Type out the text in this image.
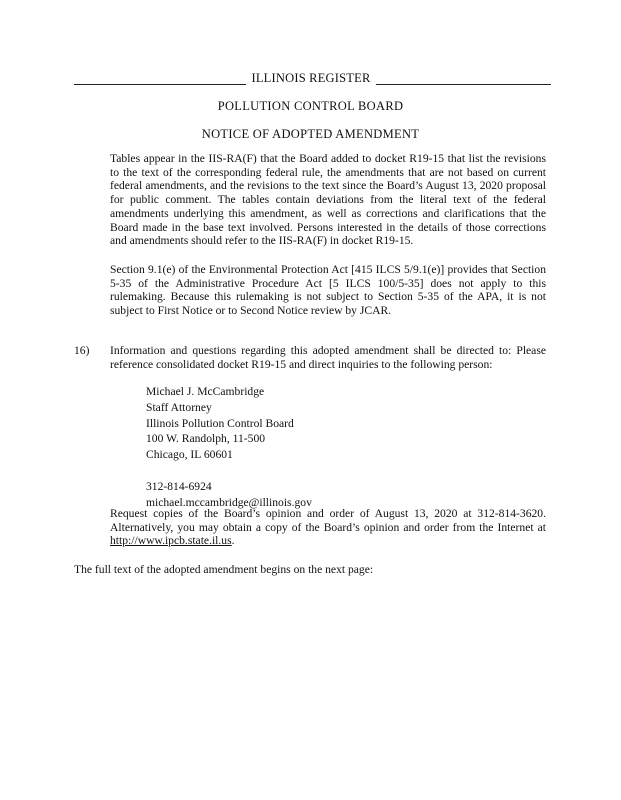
ILLINOIS REGISTER
POLLUTION CONTROL BOARD
NOTICE OF ADOPTED AMENDMENT

Tables appear in the IIS-RA(F) that the Board added to docket R19-15 that list the revisions to the text of the corresponding federal rule, the amendments that are not based on current federal amendments, and the revisions to the text since the Board’s August 13, 2020 proposal for public comment. The tables contain deviations from the literal text of the federal amendments underlying this amendment, as well as corrections and clarifications that the Board made in the base text involved. Persons interested in the details of those corrections and amendments should refer to the IIS-RA(F) in docket R19-15.

Section 9.1(e) of the Environmental Protection Act [415 ILCS 5/9.1(e)] provides that Section 5-35 of the Administrative Procedure Act [5 ILCS 100/5-35] does not apply to this rulemaking. Because this rulemaking is not subject to Section 5-35 of the APA, it is not subject to First Notice or to Second Notice review by JCAR.

16) Information and questions regarding this adopted amendment shall be directed to: Please reference consolidated docket R19-15 and direct inquiries to the following person:

Michael J. McCambridge
Staff Attorney
Illinois Pollution Control Board
100 W. Randolph, 11-500
Chicago, IL 60601
312-814-6924
michael.mccambridge@illinois.gov

Request copies of the Board’s opinion and order of August 13, 2020 at 312-814-3620. Alternatively, you may obtain a copy of the Board’s opinion and order from the Internet at http://www.ipcb.state.il.us.

The full text of the adopted amendment begins on the next page:
